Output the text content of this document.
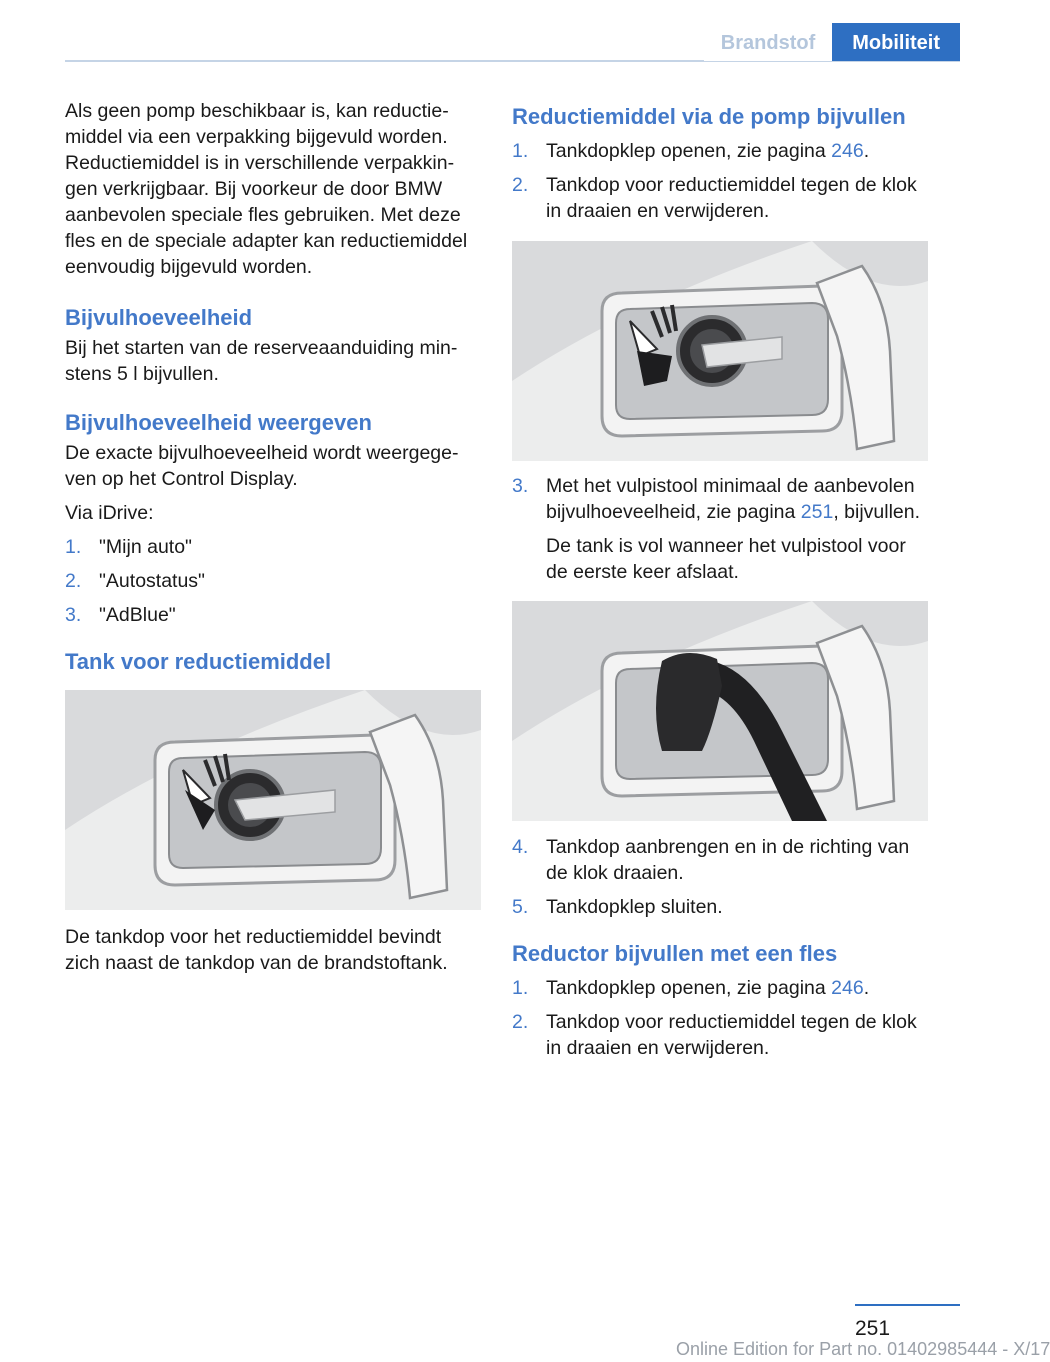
Brandstof	Mobiliteit

Als geen pomp beschikbaar is, kan reductie-middel via een verpakking bijgevuld worden. Reductiemiddel is in verschillende verpakkin-gen verkrijgbaar. Bij voorkeur de door BMW aanbevolen speciale fles gebruiken. Met deze fles en de speciale adapter kan reductiemiddel eenvoudig bijgevuld worden.

Bijvulhoeveelheid

Bij het starten van de reserveaanduiding min-stens 5 l bijvullen.

Bijvulhoeveelheid weergeven

De exacte bijvulhoeveelheid wordt weergege-ven op het Control Display.

Via iDrive:

1. "Mijn auto"
2. "Autostatus"
3. "AdBlue"
Tank voor reductiemiddel

De tankdop voor het reductiemiddel bevindt zich naast de tankdop van de brandstoftank.

Reductiemiddel via de pomp bijvullen
1. Tankdopklep openen, zie pagina 246.
2. Tankdop voor reductiemiddel tegen de klok in draaien en verwijderen.
3. Met het vulpistool minimaal de aanbevolen bijvulhoeveelheid, zie pagina 251, bijvullen.

De tank is vol wanneer het vulpistool voor de eerste keer afslaat.

4. Tankdop aanbrengen en in de richting van de klok draaien.
5. Tankdopklep sluiten.
Reductor bijvullen met een fles
1. Tankdopklep openen, zie pagina 246.
2. Tankdop voor reductiemiddel tegen de klok in draaien en verwijderen.
251
Online Edition for Part no. 01402985444 - X/17
